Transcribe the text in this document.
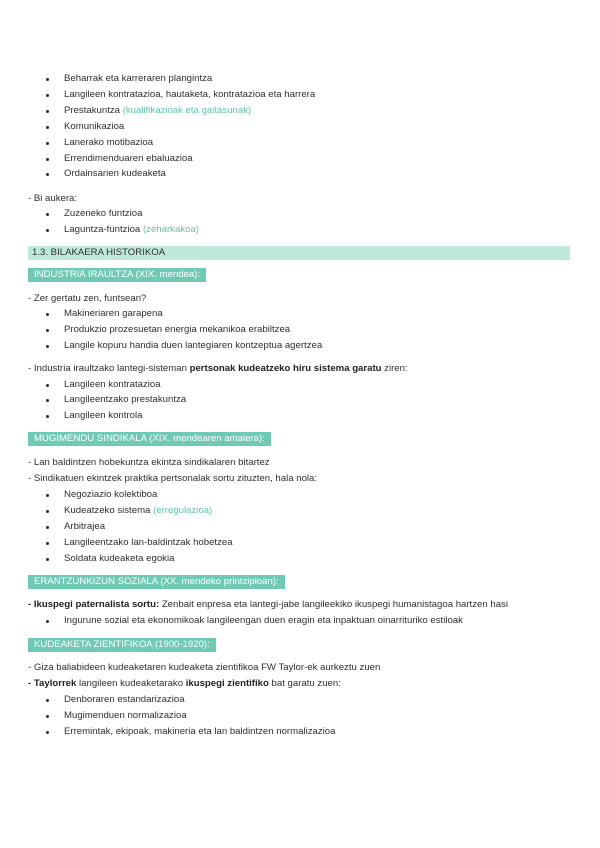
Beharrak eta karreraren plangintza
Langileen kontratazioa, hautaketa, kontratazioa eta harrera
Prestakuntza (kualifikazioak eta gaitasunak)
Komunikazioa
Lanerako motibazioa
Errendimenduaren ebaluazioa
Ordainsarien kudeaketa
- Bi aukera:
Zuzeneko funtzioa
Laguntza-funtzioa (zeharkakoa)
1.3. BILAKAERA HISTORIKOA
INDUSTRIA IRAULTZA (XIX. mendea):
- Zer gertatu zen, funtsean?
Makineriaren garapena
Produkzio prozesuetan energia mekanikoa erabiltzea
Langile kopuru handia duen lantegiaren kontzeptua agertzea
- Industria iraultzako lantegi-sisteman pertsonak kudeatzeko hiru sistema garatu ziren:
Langileen kontratazioa
Langileentzako prestakuntza
Langileen kontrola
MUGIMENDU SINDIKALA (XIX. mendearen amaiera):
- Lan baldintzen hobekuntza ekintza sindikalaren bitartez
- Sindikatuen ekintzek praktika pertsonalak sortu zituzten, hala nola:
Negoziazio kolektiboa
Kudeatzeko sistema (erregulazioa)
Arbitrajea
Langileentzako lan-baldintzak hobetzea
Soldata kudeaketa egokia
ERANTZUNKIZUN SOZIALA (XX. mendeko printzipioan):
- Ikuspegi paternalista sortu: Zenbait enpresa eta lantegi-jabe langileekiko ikuspegi humanistagoa hartzen hasi
Ingurune sozial eta ekonomikoak langileengan duen eragin eta inpaktuan oinarrituriko estiloak
KUDEAKETA ZIENTIFIKOA (1900-1920):
- Giza baliabideen kudeaketaren kudeaketa zientifikoa FW Taylor-ek aurkeztu zuen
- Taylorrek langileen kudeaketarako ikuspegi zientifiko bat garatu zuen:
Denboraren estandarizazioa
Mugimenduen normalizazioa
Erremintak, ekipoak, makineria eta lan baldintzen normalizazioa
